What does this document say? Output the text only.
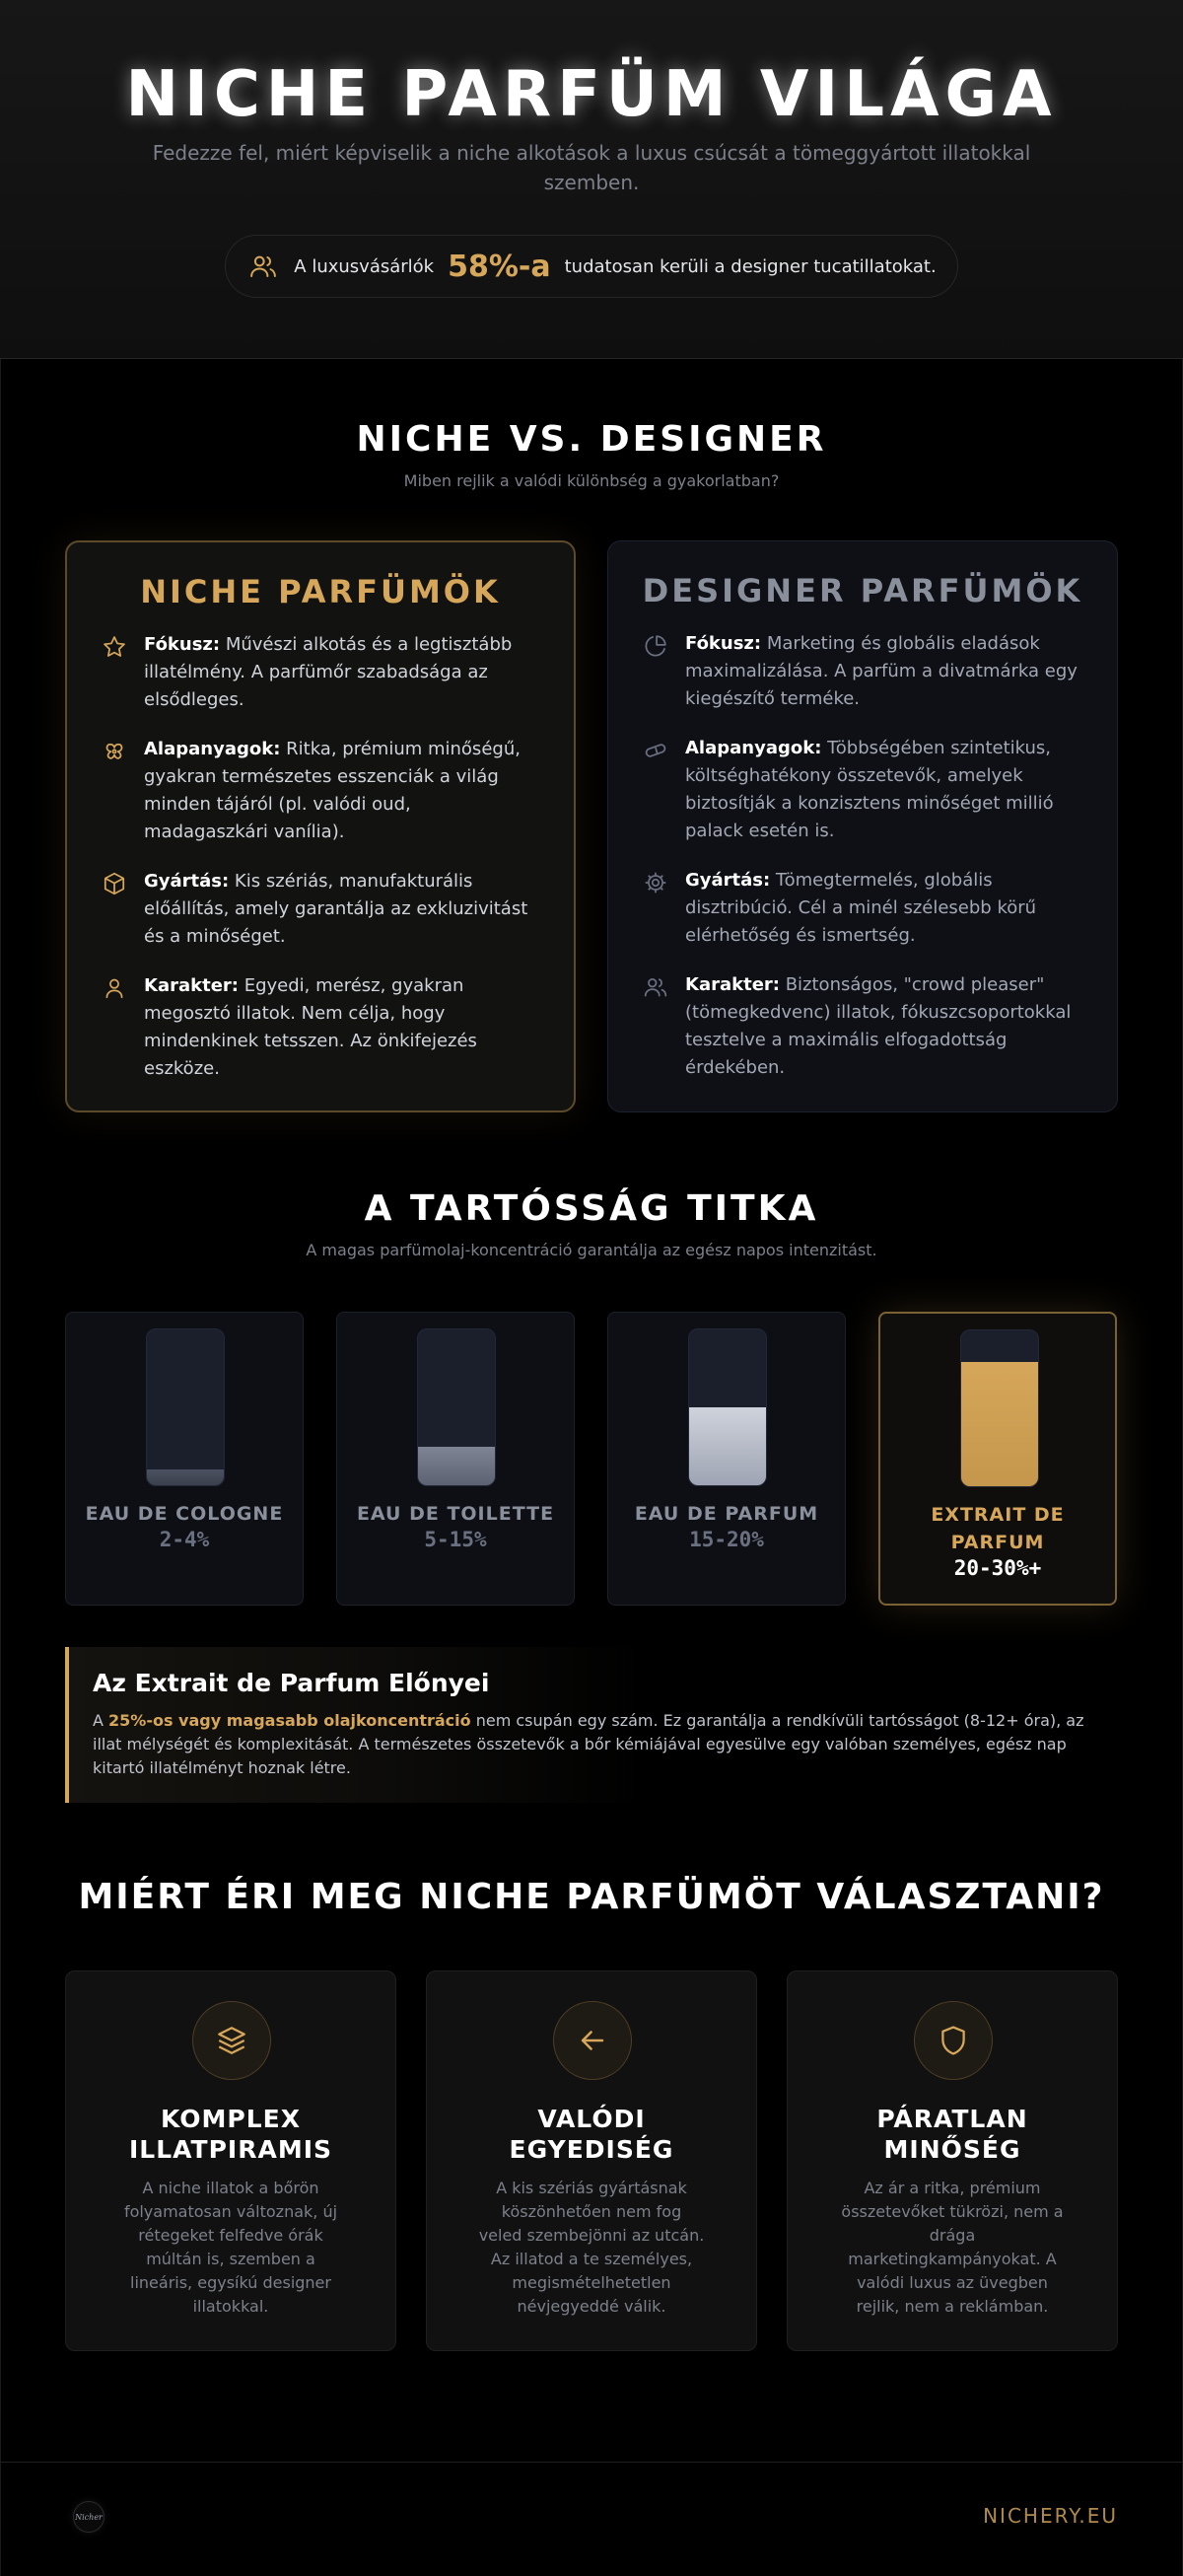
NICHE PARFÜM VILÁGA

Fedezze fel, miért képviselik a niche alkotások a luxus csúcsát a tömeggyártott illatokkal szemben.

A luxusvásárlók 58%-a tudatosan kerüli a designer tucatillatokat.
NICHE VS. DESIGNER

Miben rejlik a valódi különbség a gyakorlatban?

NICHE PARFÜMÖK

Fókusz: Művészi alkotás és a legtisztább illatélmény. A parfümőr szabadsága az elsődleges.

Alapanyagok: Ritka, prémium minőségű, gyakran természetes esszenciák a világ minden tájáról (pl. valódi oud, madagaszkári vanília).

Gyártás: Kis szériás, manufakturális előállítás, amely garantálja az exkluzivitást és a minőséget.

Karakter: Egyedi, merész, gyakran megosztó illatok. Nem célja, hogy mindenkinek tetsszen. Az önkifejezés eszköze.

DESIGNER PARFÜMÖK

Fókusz: Marketing és globális eladások maximalizálása. A parfüm a divatmárka egy kiegészítő terméke.

Alapanyagok: Többségében szintetikus, költséghatékony összetevők, amelyek biztosítják a konzisztens minőséget millió palack esetén is.

Gyártás: Tömegtermelés, globális disztribúció. Cél a minél szélesebb körű elérhetőség és ismertség.

Karakter: Biztonságos, "crowd pleaser" (tömegkedvenc) illatok, fókuszcsoportokkal tesztelve a maximális elfogadottság érdekében.

A TARTÓSSÁG TITKA

A magas parfümolaj-koncentráció garantálja az egész napos intenzitást.

EAU DE COLOGNE
2-4%
EAU DE TOILETTE
5-15%
EAU DE PARFUM
15-20%
EXTRAIT DE PARFUM
20-30%+
Az Extrait de Parfum Előnyei

A 25%-os vagy magasabb olajkoncentráció nem csupán egy szám. Ez garantálja a rendkívüli tartósságot (8-12+ óra), az illat mélységét és komplexitását. A természetes összetevők a bőr kémiájával egyesülve egy valóban személyes, egész nap kitartó illatélményt hoznak létre.

MIÉRT ÉRI MEG NICHE PARFÜMÖT VÁLASZTANI?
KOMPLEX ILLATPIRAMIS

A niche illatok a bőrön folyamatosan változnak, új rétegeket felfedve órák múltán is, szemben a lineáris, egysíkú designer illatokkal.

VALÓDI EGYEDISÉG

A kis szériás gyártásnak köszönhetően nem fog veled szembejönni az utcán. Az illatod a te személyes, megismételhetetlen névjegyeddé válik.

PÁRATLAN MINŐSÉG

Az ár a ritka, prémium összetevőket tükrözi, nem a drága marketingkampányokat. A valódi luxus az üvegben rejlik, nem a reklámban.

Nicher	NICHERY.EU
